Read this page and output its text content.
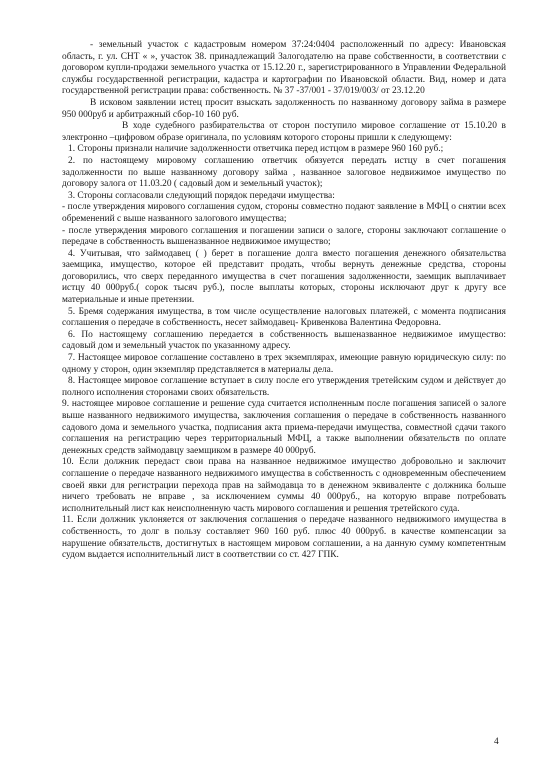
- земельный участок с кадастровым номером 37:24:0404 расположенный по адресу: Ивановская область, г. ул. СНТ « », участок 38. принадлежащий Залогодателю на праве собственности, в соответствии с договором купли-продажи земельного участка от 15.12.20 г., зарегистрированного в Управлении Федеральной службы государственной регистрации, кадастра и картографии по Ивановской области. Вид, номер и дата государственной регистрации права: собственность. № 37 -37/001 - 37/019/003/ от 23.12.20

В исковом заявлении истец просит взыскать задолженность по названному договору займа в размере 950 000руб и арбитражный сбор-10 160 руб.

В ходе судебного разбирательства от сторон поступило мировое соглашение от 15.10.20 в электронно –цифровом образе оригинала, по условиям которого стороны пришли к следующему:

1. Стороны признали наличие задолженности ответчика перед истцом в размере 960 160 руб.;

2. по настоящему мировому соглашению ответчик обязуется передать истцу в счет погашения задолженности по выше названному договору займа , названное залоговое недвижимое имущество по договору залога от 11.03.20 ( садовый дом и земельный участок);

3. Стороны согласовали следующий порядок передачи имущества:

- после утверждения мирового соглашения судом, стороны совместно подают заявление в МФЦ о снятии всех обременений с выше названного залогового имущества;

- после утверждения мирового соглашения и погашении записи о залоге, стороны заключают соглашение о передаче в собственность вышеназванное недвижимое имущество;

4. Учитывая, что займодавец ( ) берет в погашение долга вместо погашения денежного обязательства заемщика, имущество, которое ей представит продать, чтобы вернуть денежные средства, стороны договорились, что сверх переданного имущества в счет погашения задолженности, заемщик выплачивает истцу 40 000руб.( сорок тысяч руб.), после выплаты которых, стороны исключают друг к другу все материальные и иные претензии.

5. Бремя содержания имущества, в том числе осуществление налоговых платежей, с момента подписания соглашения о передаче в собственность, несет займодавец- Кривенкова Валентина Федоровна.

6. По настоящему соглашению передается в собственность вышеназванное недвижимое имущество: садовый дом и земельный участок по указанному адресу.

7. Настоящее мировое соглашение составлено в трех экземплярах, имеющие равную юридическую силу: по одному у сторон, один экземпляр представляется в материалы дела.

8. Настоящее мировое соглашение вступает в силу после его утверждения третейским судом и действует до полного исполнения сторонами своих обязательств.

9. настоящее мировое соглашение и решение суда считается исполненным после погашения записей о залоге выше названного недвижимого имущества, заключения соглашения о передаче в собственность названного садового дома и земельного участка, подписания акта приема-передачи имущества, совместной сдачи такого соглашения на регистрацию через территориальный МФЦ, а также выполнении обязательств по оплате денежных средств займодавцу заемщиком в размере 40 000руб.

10. Если должник передаст свои права на названное недвижимое имущество добровольно и заключит соглашение о передаче названного недвижимого имущества в собственность с одновременным обеспечением своей явки для регистрации перехода прав на займодавца то в денежном эквиваленте с должника больше ничего требовать не вправе , за исключением суммы 40 000руб., на которую вправе потребовать исполнительный лист как неисполненную часть мирового соглашения и решения третейского суда.

11. Если должник уклоняется от заключения соглашения о передаче названного недвижимого имущества в собственность, то долг в пользу составляет 960 160 руб. плюс 40 000руб. в качестве компенсации за нарушение обязательств, достигнутых в настоящем мировом соглашении, а на данную сумму компетентным судом выдается исполнительный лист в соответствии со ст. 427 ГПК.

4
